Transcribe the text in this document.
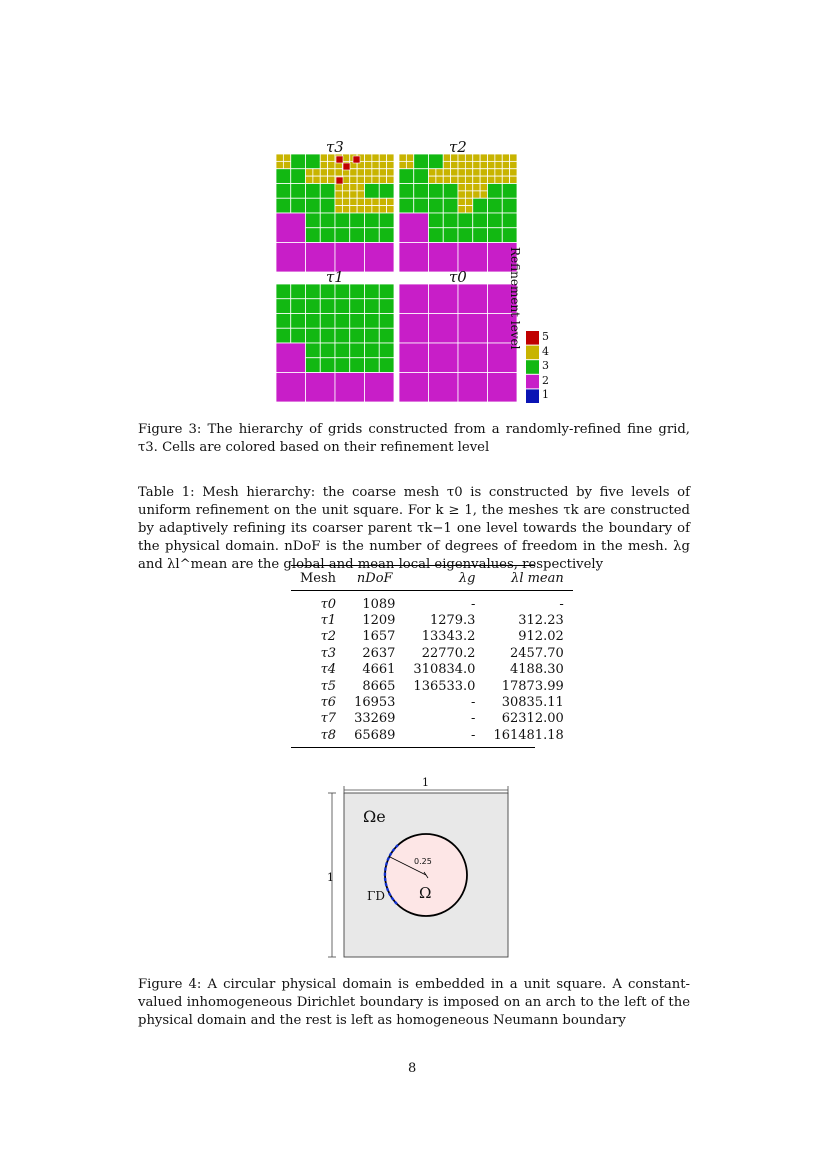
τ3	τ2
τ1	τ0	Refinement level 5
4
3
2
1
Figure 3: The hierarchy of grids constructed from a randomly-refined fine grid, τ3. Cells are colored based on their refinement level
Table 1: Mesh hierarchy: the coarse mesh τ0 is constructed by five levels of uniform refinement on the unit square. For k ≥ 1, the meshes τk are constructed by adaptively refining its coarser parent τk−1 one level towards the boundary of the physical domain. nDoF is the number of degrees of freedom in the mesh. λg and λl^mean are the global and mean local eigenvalues, respectively
Mesh	nDoF	λg	λl mean

τ0	1089	-	-
τ1	1209	1279.3	312.23
τ2	1657	13343.2	912.02
τ3	2637	22770.2	2457.70
τ4	4661	310834.0	4188.30
τ5	8665	136533.0	17873.99
τ6	16953	-	30835.11
τ7	33269	-	62312.00
τ8	65689	-	161481.18
1
1
0.25
Ωe
Ω
ΓD
Figure 4: A circular physical domain is embedded in a unit square. A constant-valued inhomogeneous Dirichlet boundary is imposed on an arch to the left of the physical domain and the rest is left as homogeneous Neumann boundary
8
